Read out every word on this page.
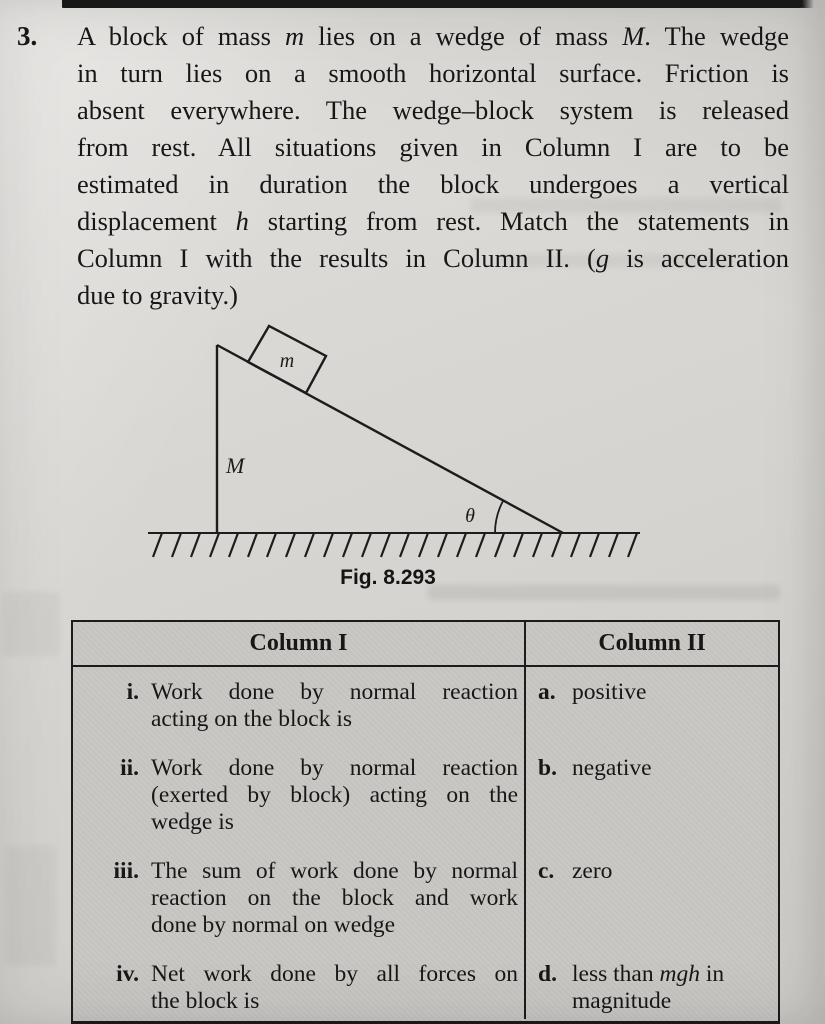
3. A block of mass m lies on a wedge of mass M. The wedge
in turn lies on a smooth horizontal surface. Friction is
absent everywhere. The wedge–block system is released
from rest. All situations given in Column I are to be
estimated in duration the block undergoes a vertical
displacement h starting from rest. Match the statements in
Column I with the results in Column II. (g is acceleration
due to gravity.)
m
M
θ
Fig. 8.293
Column I	Column II
i. Work done by normal reaction
acting on the block is
a. positive
ii. Work done by normal reaction
(exerted by block) acting on the
wedge is
b. negative
iii. The sum of work done by normal
reaction on the block and work
done by normal on wedge
c. zero
iv. Net work done by all forces on
the block is
d. less than mgh in
magnitude
